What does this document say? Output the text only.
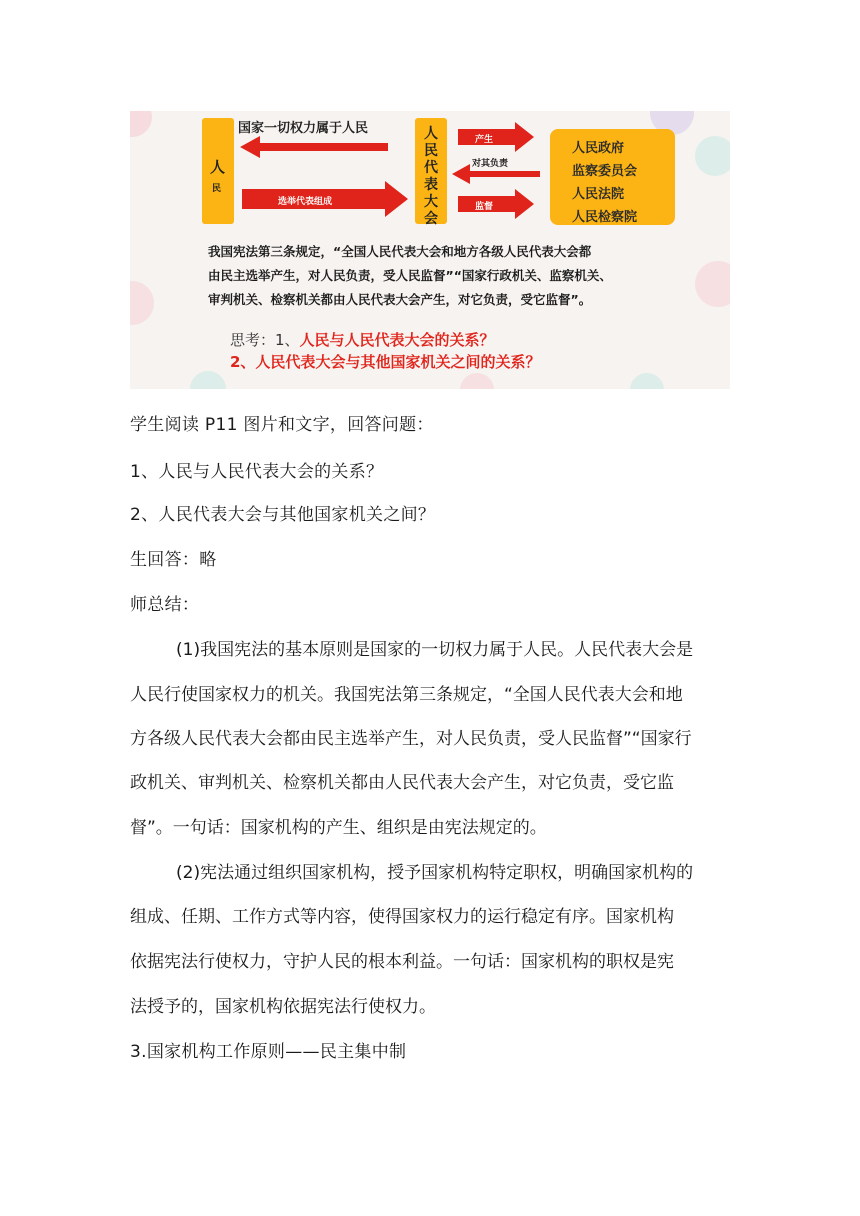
人
民
人
民
代
表
大
会
人民政府
监察委员会
人民法院
人民检察院
国家一切权力属于人民
选举代表组成
产生
对其负责
监督
我国宪法第三条规定，“全国人民代表大会和地方各级人民代表大会都
由民主选举产生，对人民负责，受人民监督”“国家行政机关、监察机关、
审判机关、检察机关都由人民代表大会产生，对它负责，受它监督”。
思考：1、人民与人民代表大会的关系？
2、人民代表大会与其他国家机关之间的关系？
学生阅读 P11 图片和文字，回答问题：
1、人民与人民代表大会的关系？
2、人民代表大会与其他国家机关之间？
生回答：略
师总结：
(1)我国宪法的基本原则是国家的一切权力属于人民。人民代表大会是
人民行使国家权力的机关。我国宪法第三条规定，“全国人民代表大会和地
方各级人民代表大会都由民主选举产生，对人民负责，受人民监督”“国家行
政机关、审判机关、检察机关都由人民代表大会产生，对它负责，受它监
督”。一句话：国家机构的产生、组织是由宪法规定的。
(2)宪法通过组织国家机构，授予国家机构特定职权，明确国家机构的
组成、任期、工作方式等内容，使得国家权力的运行稳定有序。国家机构
依据宪法行使权力，守护人民的根本利益。一句话：国家机构的职权是宪
法授予的，国家机构依据宪法行使权力。
3.国家机构工作原则——民主集中制
